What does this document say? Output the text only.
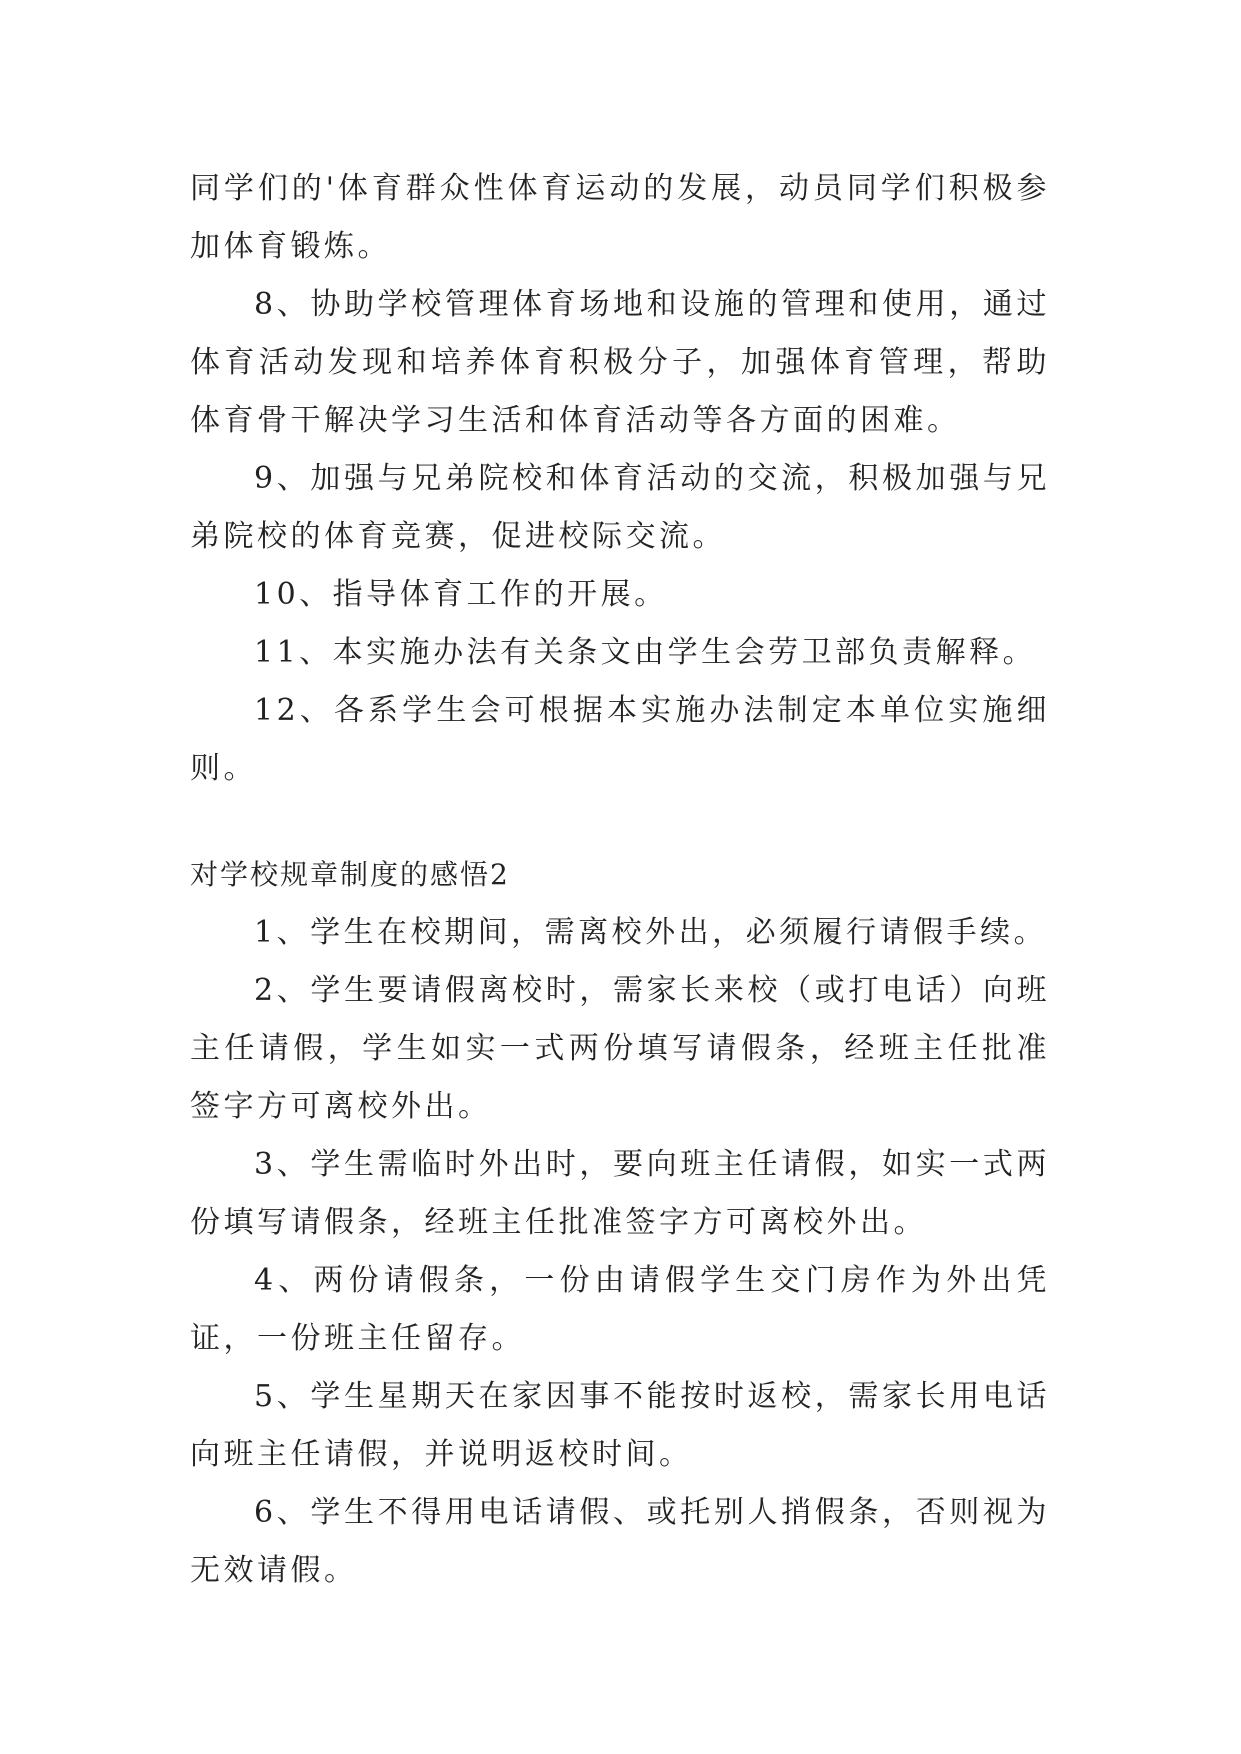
同学们的'体育群众性体育运动的发展，动员同学们积极参加体育锻炼。

8、协助学校管理体育场地和设施的管理和使用，通过体育活动发现和培养体育积极分子，加强体育管理，帮助体育骨干解决学习生活和体育活动等各方面的困难。

9、加强与兄弟院校和体育活动的交流，积极加强与兄弟院校的体育竞赛，促进校际交流。

10、指导体育工作的开展。

11、本实施办法有关条文由学生会劳卫部负责解释。

12、各系学生会可根据本实施办法制定本单位实施细则。

对学校规章制度的感悟2

1、学生在校期间，需离校外出，必须履行请假手续。

2、学生要请假离校时，需家长来校（或打电话）向班主任请假，学生如实一式两份填写请假条，经班主任批准签字方可离校外出。

3、学生需临时外出时，要向班主任请假，如实一式两份填写请假条，经班主任批准签字方可离校外出。

4、两份请假条，一份由请假学生交门房作为外出凭证，一份班主任留存。

5、学生星期天在家因事不能按时返校，需家长用电话向班主任请假，并说明返校时间。

6、学生不得用电话请假、或托别人捎假条，否则视为无效请假。
